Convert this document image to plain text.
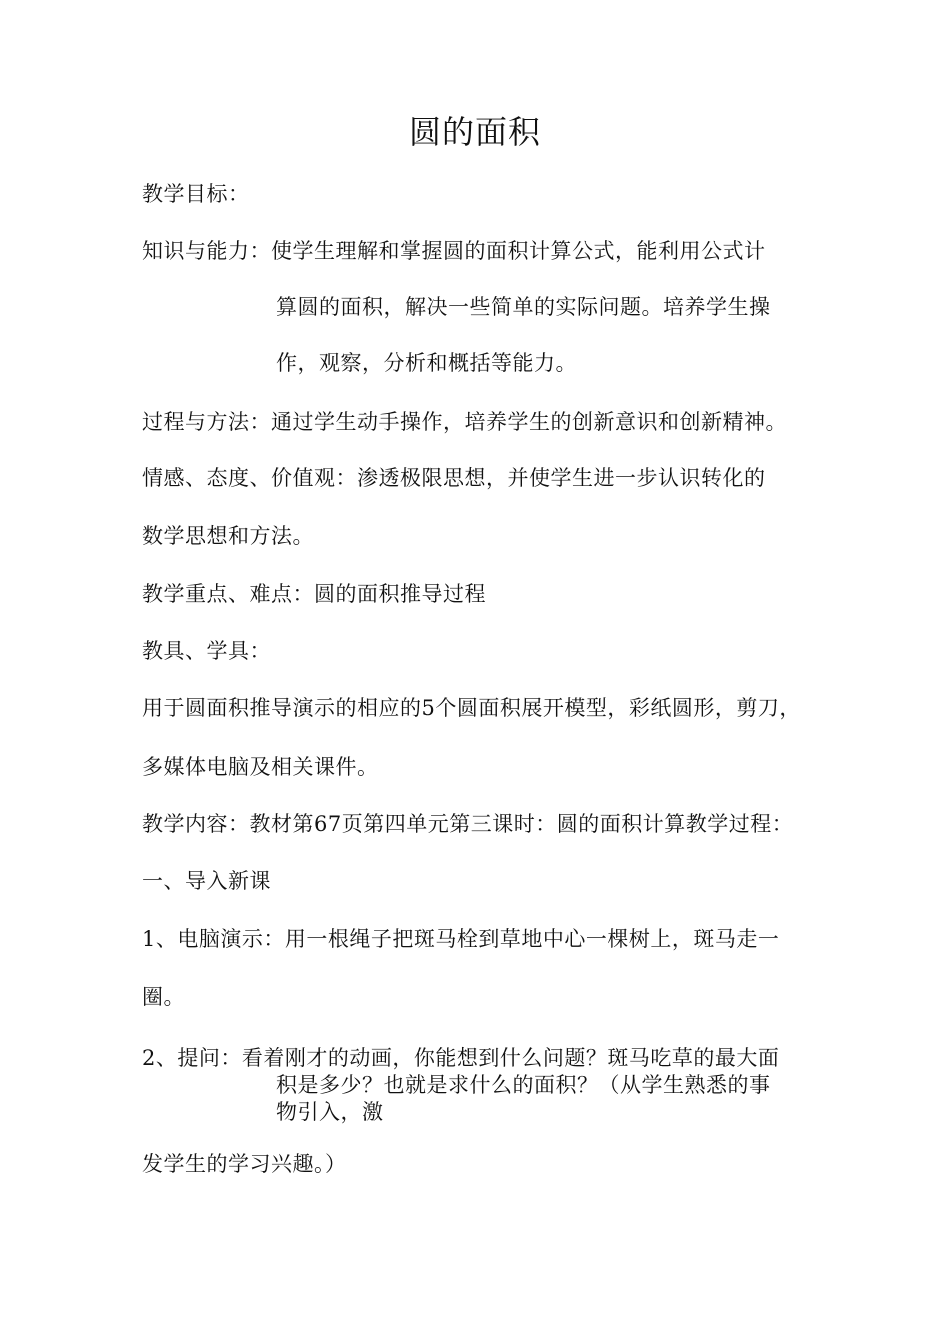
圆的面积
教学目标：
知识与能力：使学生理解和掌握圆的面积计算公式，能利用公式计
算圆的面积，解决一些简单的实际问题。培养学生操
作，观察，分析和概括等能力。
过程与方法：通过学生动手操作，培养学生的创新意识和创新精神。
情感、态度、价值观：渗透极限思想，并使学生进一步认识转化的
数学思想和方法。
教学重点、难点：圆的面积推导过程
教具、学具：
用于圆面积推导演示的相应的5个圆面积展开模型，彩纸圆形，剪刀，
多媒体电脑及相关课件。
教学内容：教材第67页第四单元第三课时：圆的面积计算教学过程：
一、导入新课
1、电脑演示：用一根绳子把斑马栓到草地中心一棵树上，斑马走一
圈。
2、提问：看着刚才的动画，你能想到什么问题？斑马吃草的最大面
积是多少？也就是求什么的面积？（从学生熟悉的事
物引入，激
发学生的学习兴趣。）
